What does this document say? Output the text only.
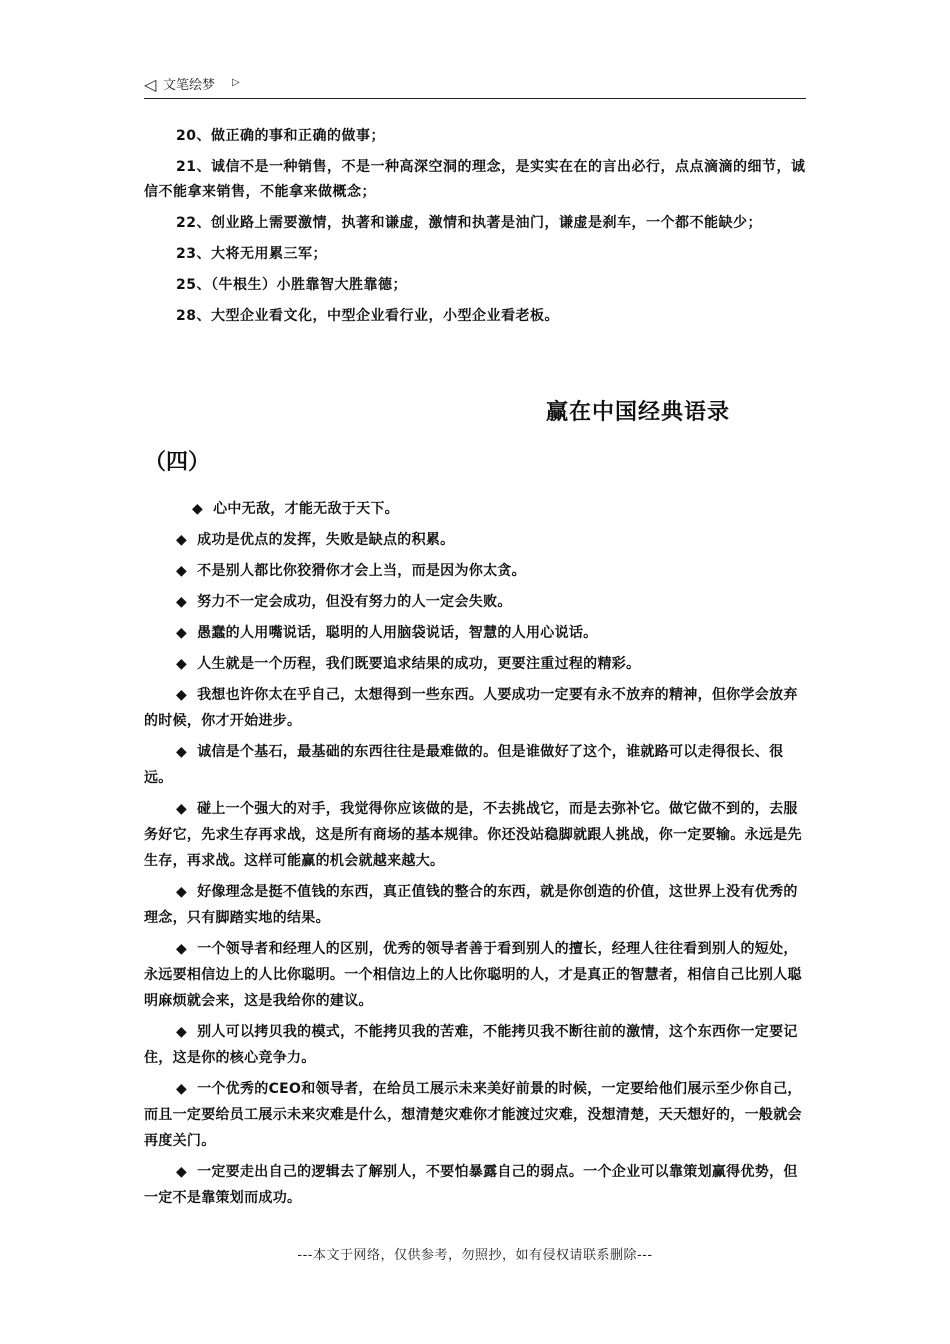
◁ 文笔绘梦 ▷

20、做正确的事和正确的做事；

21、诚信不是一种销售，不是一种高深空洞的理念，是实实在在的言出必行，点点滴滴的细节，诚信不能拿来销售，不能拿来做概念；

22、创业路上需要激情，执著和谦虚，激情和执著是油门，谦虚是刹车，一个都不能缺少；

23、大将无用累三军；

25、（牛根生）小胜靠智大胜靠德；

28、大型企业看文化，中型企业看行业，小型企业看老板。

赢在中国经典语录
（四）

◆ 心中无敌，才能无敌于天下。

◆ 成功是优点的发挥，失败是缺点的积累。

◆ 不是别人都比你狡猾你才会上当，而是因为你太贪。

◆ 努力不一定会成功，但没有努力的人一定会失败。

◆ 愚蠢的人用嘴说话，聪明的人用脑袋说话，智慧的人用心说话。

◆ 人生就是一个历程，我们既要追求结果的成功，更要注重过程的精彩。

◆ 我想也许你太在乎自己，太想得到一些东西。人要成功一定要有永不放弃的精神，但你学会放弃的时候，你才开始进步。

◆ 诚信是个基石，最基础的东西往往是最难做的。但是谁做好了这个，谁就路可以走得很长、很远。

◆ 碰上一个强大的对手，我觉得你应该做的是，不去挑战它，而是去弥补它。做它做不到的，去服务好它，先求生存再求战，这是所有商场的基本规律。你还没站稳脚就跟人挑战，你一定要输。永远是先生存，再求战。这样可能赢的机会就越来越大。

◆ 好像理念是挺不值钱的东西，真正值钱的整合的东西，就是你创造的价值，这世界上没有优秀的理念，只有脚踏实地的结果。

◆ 一个领导者和经理人的区别，优秀的领导者善于看到别人的擅长，经理人往往看到别人的短处，永远要相信边上的人比你聪明。一个相信边上的人比你聪明的人，才是真正的智慧者，相信自己比别人聪明麻烦就会来，这是我给你的建议。

◆ 别人可以拷贝我的模式，不能拷贝我的苦难，不能拷贝我不断往前的激情，这个东西你一定要记住，这是你的核心竞争力。

◆ 一个优秀的CEO和领导者，在给员工展示未来美好前景的时候，一定要给他们展示至少你自己，而且一定要给员工展示未来灾难是什么，想清楚灾难你才能渡过灾难，没想清楚，天天想好的，一般就会再度关门。

◆ 一定要走出自己的逻辑去了解别人，不要怕暴露自己的弱点。一个企业可以靠策划赢得优势，但一定不是靠策划而成功。

---本文于网络，仅供参考，勿照抄，如有侵权请联系删除---
